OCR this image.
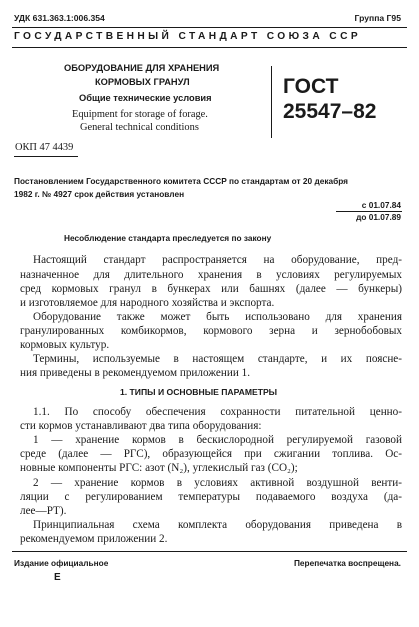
УДК 631.363.1:006.354	Группа Г95
ГОСУДАРСТВЕННЫЙ СТАНДАРТ СОЮЗА ССР
ОБОРУДОВАНИЕ ДЛЯ ХРАНЕНИЯ
КОРМОВЫХ ГРАНУЛ
Общие технические условия
Equipment for storage of forage.
General technical conditions
ГОСТ
25547–82
ОКП 47 4439
Постановлением Государственного комитета СССР по стандартам от 20 декабря
1982 г. № 4927 срок действия установлен
с 01.07.84
до 01.07.89
Несоблюдение стандарта преследуется по закону
Настоящий стандарт распространяется на оборудование, пред-
назначенное для длительного хранения в условиях регулируемых
сред кормовых гранул в бункерах или башнях (далее — бункеры)
и изготовляемое для народного хозяйства и экспорта.
Оборудование также может быть использовано для хранения
гранулированных комбикормов, кормового зерна и зернобобовых
кормовых культур.
Термины, используемые в настоящем стандарте, и их поясне-
ния приведены в рекомендуемом приложении 1.
1. ТИПЫ И ОСНОВНЫЕ ПАРАМЕТРЫ
1.1. По способу обеспечения сохранности питательной ценно-
сти кормов устанавливают два типа оборудования:
1 — хранение кормов в бескислородной регулируемой газовой
среде (далее — РГС), образующейся при сжигании топлива. Ос-
новные компоненты РГС: азот (N₂), углекислый газ (CO₂);
2 — хранение кормов в условиях активной воздушной венти-
ляции с регулированием температуры подаваемого воздуха (да-
лее—РТ).
Принципиальная схема комплекта оборудования приведена в
рекомендуемом приложении 2.
Издание официальное	Перепечатка воспрещена.
Е
